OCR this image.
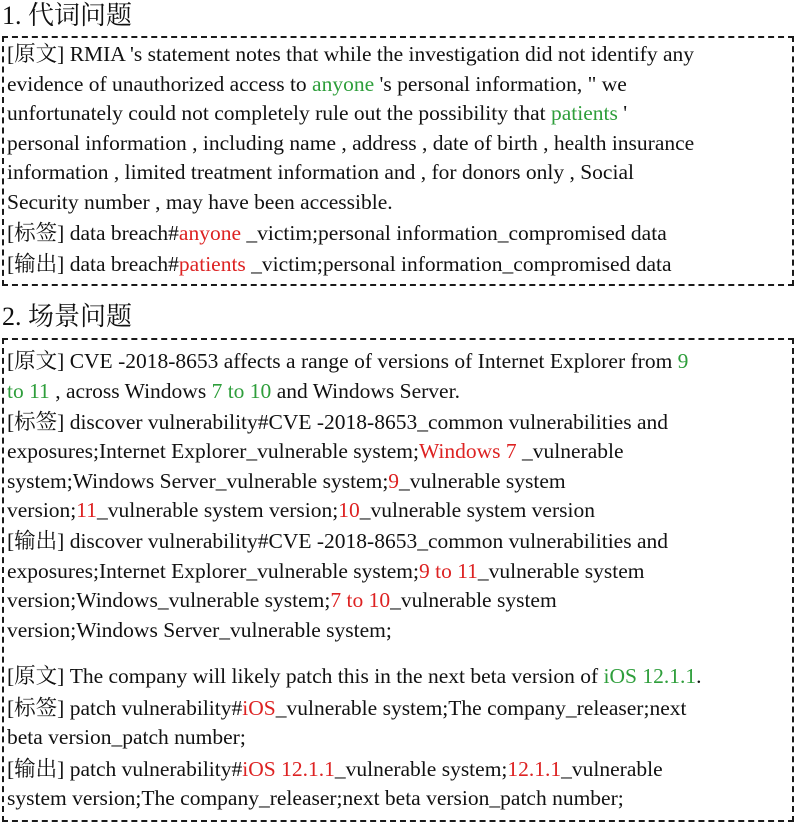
1. 代词问题
[原文] RMIA 's statement notes that while the investigation did not identify any
evidence of unauthorized access to anyone 's personal information, " we
unfortunately could not completely rule out the possibility that patients '
personal information , including name , address , date of birth , health insurance
information , limited treatment information and , for donors only , Social
Security number , may have been accessible.
[标签] data breach#anyone _victim;personal information_compromised data
[输出] data breach#patients _victim;personal information_compromised data
2. 场景问题
[原文] CVE -2018-8653 affects a range of versions of Internet Explorer from 9
to 11 , across Windows 7 to 10 and Windows Server.
[标签] discover vulnerability#CVE -2018-8653_common vulnerabilities and
exposures;Internet Explorer_vulnerable system;Windows 7 _vulnerable
system;Windows Server_vulnerable system;9_vulnerable system
version;11_vulnerable system version;10_vulnerable system version
[输出] discover vulnerability#CVE -2018-8653_common vulnerabilities and
exposures;Internet Explorer_vulnerable system;9 to 11_vulnerable system
version;Windows_vulnerable system;7 to 10_vulnerable system
version;Windows Server_vulnerable system;
[原文] The company will likely patch this in the next beta version of iOS 12.1.1.
[标签] patch vulnerability#iOS_vulnerable system;The company_releaser;next
beta version_patch number;
[输出] patch vulnerability#iOS 12.1.1_vulnerable system;12.1.1_vulnerable
system version;The company_releaser;next beta version_patch number;
